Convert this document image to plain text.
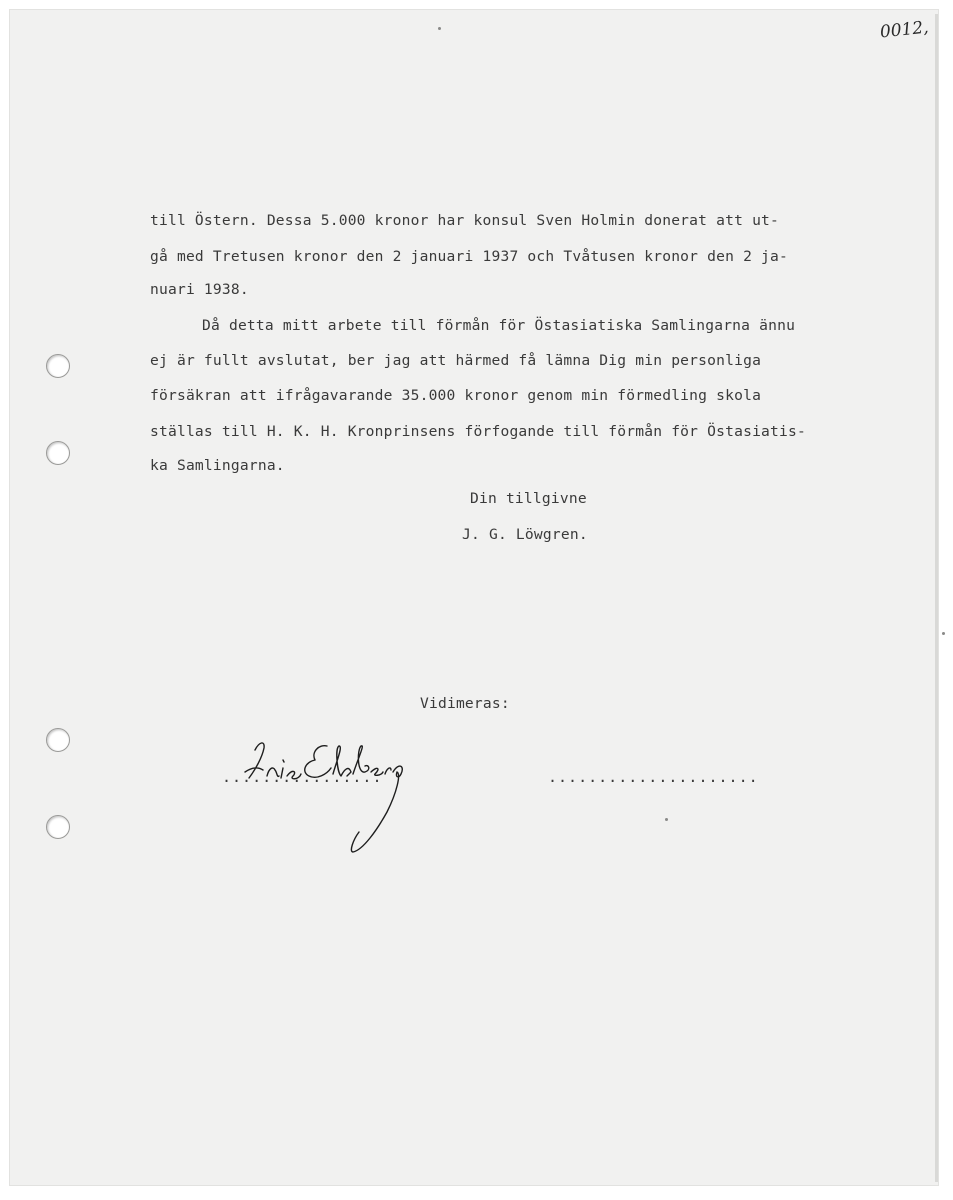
0012,

till Östern. Dessa 5.000 kronor har konsul Sven Holmin donerat att ut-

gå med Tretusen kronor den 2 januari 1937 och Tvåtusen kronor den 2 ja-

nuari 1938.

Då detta mitt arbete till förmån för Östasiatiska Samlingarna ännu

ej är fullt avslutat, ber jag att härmed få lämna Dig min personliga

försäkran att ifrågavarande 35.000 kronor genom min förmedling skola

ställas till H. K. H. Kronprinsens förfogande till förmån för Östasiatis-

ka Samlingarna.

Din tillgivne

J. G. Löwgren.

Vidimeras:

................	.....................
